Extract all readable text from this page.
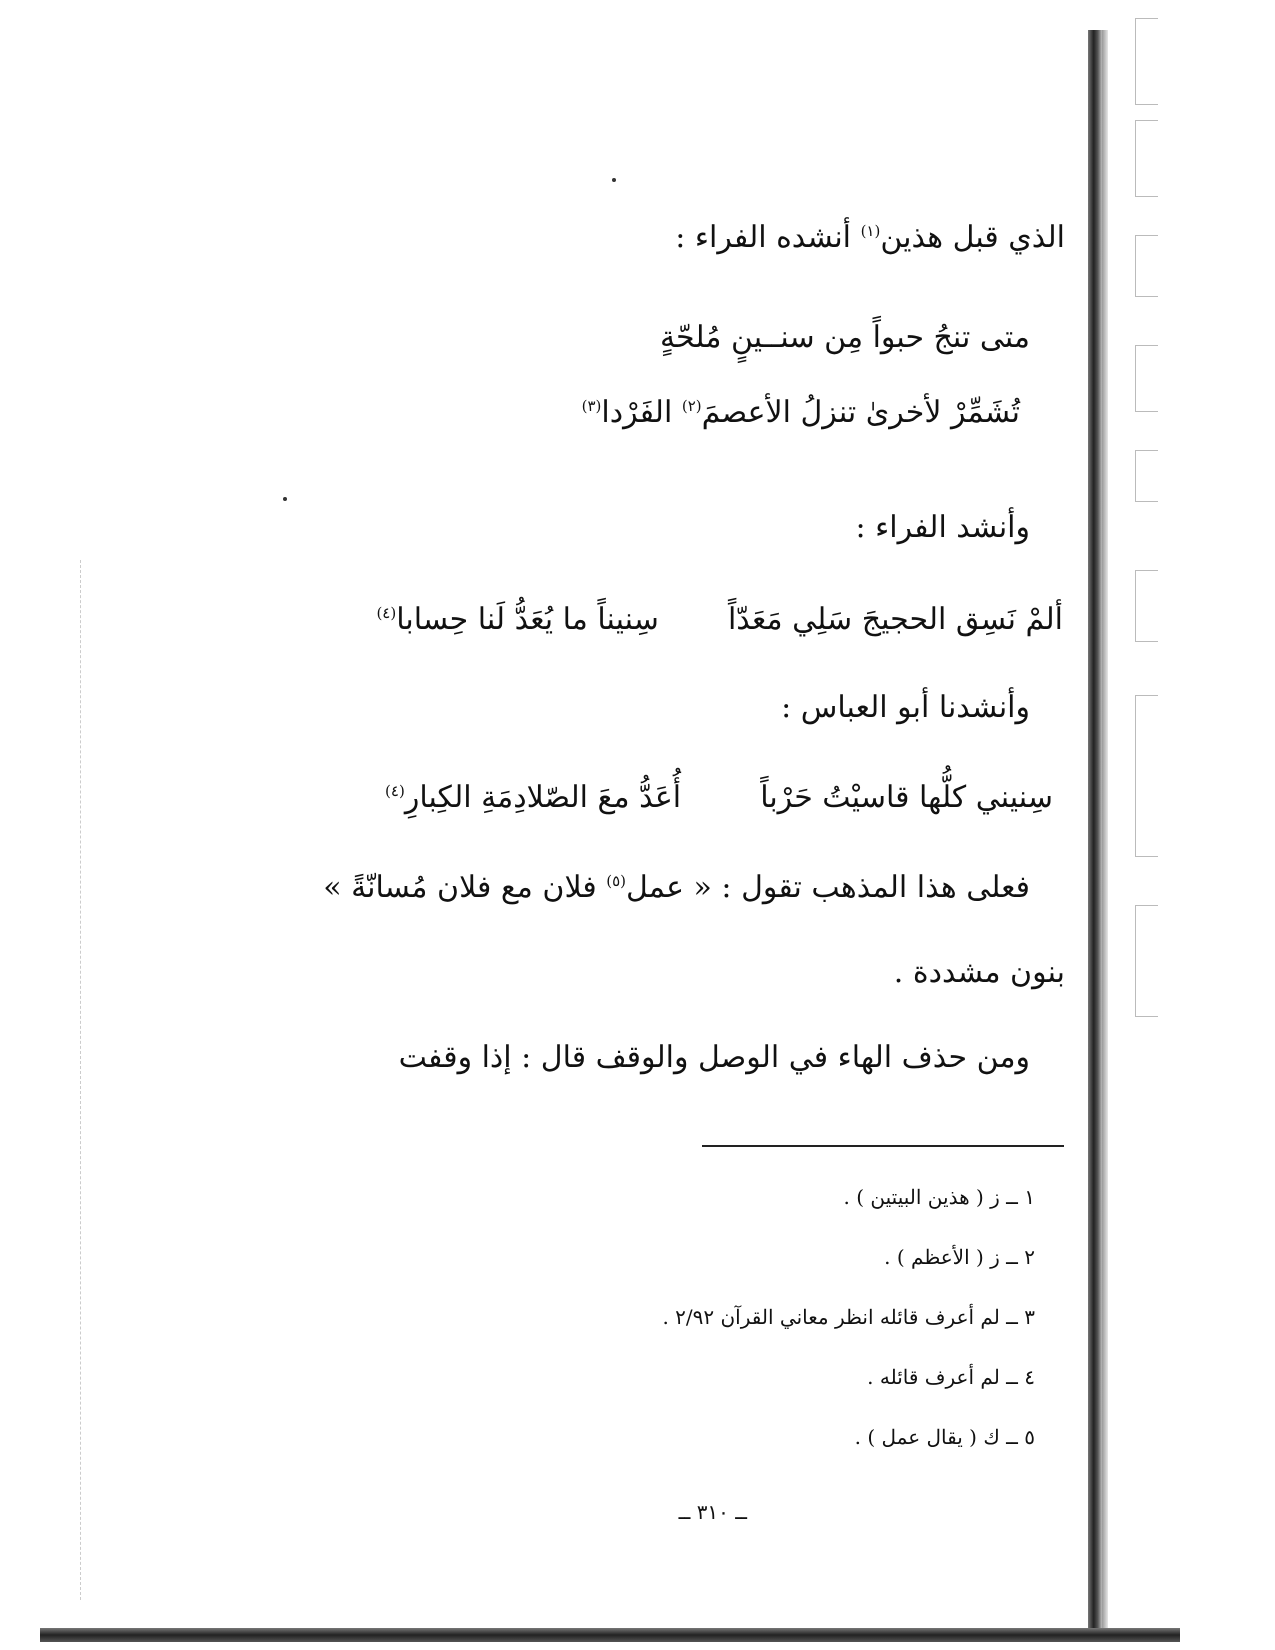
الذي قبل هذين$^{(١)}$ أنشده الفراء :
متى تنجُ حبواً مِن سنــينٍ مُلحّةٍ
تُشَمِّرْ لأخرىٰ تنزلُ الأعصمَ$^{(٢)}$ الفَرْدا$^{(٣)}$
وأنشد الفراء :
ألمْ نَسِق الحجيجَ سَلِي مَعَدّاً  سِنيناً ما يُعَدُّ لَنا حِسابا$^{(٤)}$
وأنشدنا أبو العباس :
سِنيني كلُّها قاسيْتُ حَرْباً  أُعَدُّ معَ الصّلادِمَةِ الكِبارِ$^{(٤)}$
فعلى هذا المذهب تقول : « عمل$^{(٥)}$ فلان مع فلان مُسانّةً »
بنون مشددة .
ومن حذف الهاء في الوصل والوقف قال : إذا وقفت
١ ــ ز ( هذين البيتين ) .
٢ ــ ز ( الأعظم ) .
٣ ــ لم أعرف قائله انظر معاني القرآن ٢/٩٢ .
٤ ــ لم أعرف قائله .
٥ ــ ك ( يقال عمل ) .
ــ ٣١٠ ــ
